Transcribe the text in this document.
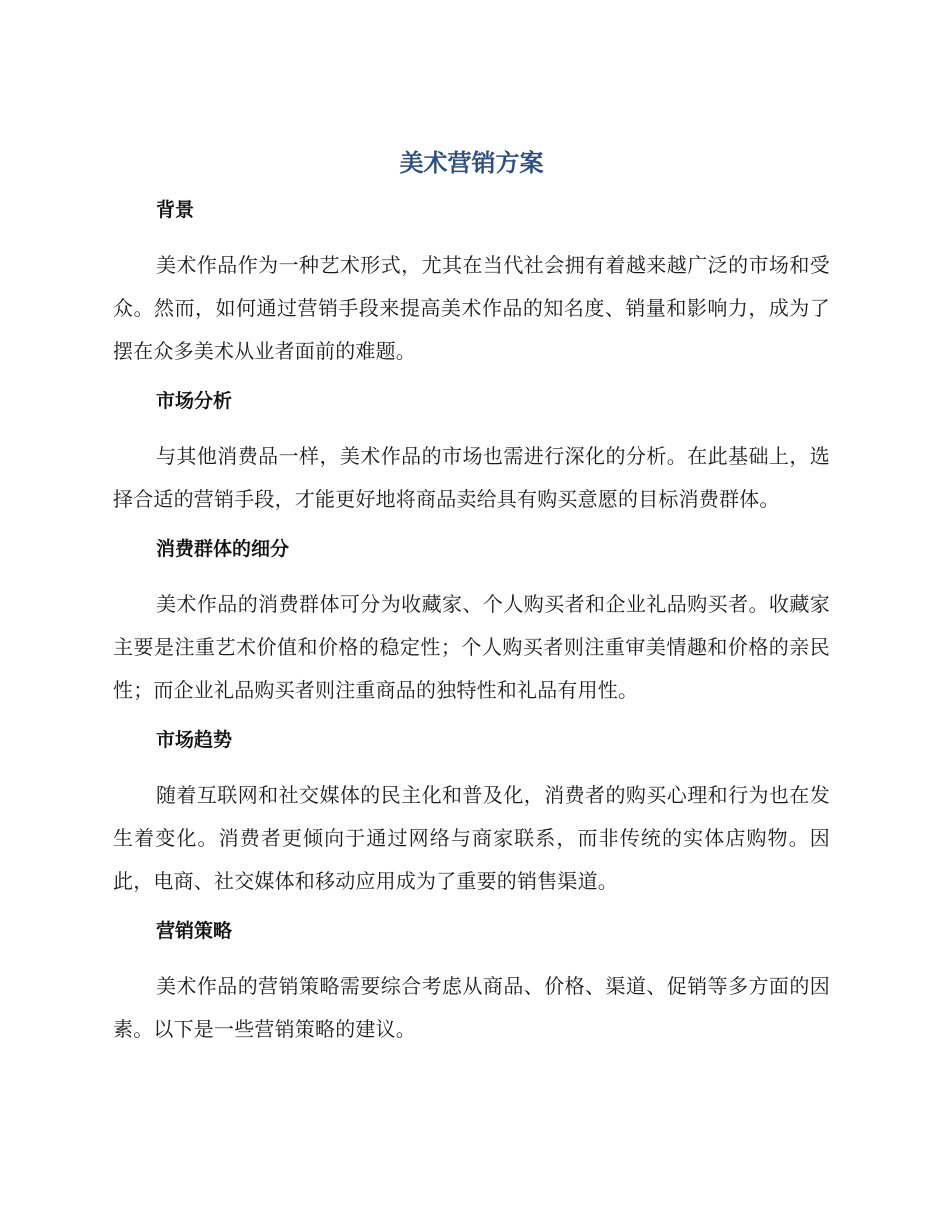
美术营销方案
背景

美术作品作为一种艺术形式，尤其在当代社会拥有着越来越广泛的市场和受众。然而，如何通过营销手段来提高美术作品的知名度、销量和影响力，成为了摆在众多美术从业者面前的难题。

市场分析

与其他消费品一样，美术作品的市场也需进行深化的分析。在此基础上，选择合适的营销手段，才能更好地将商品卖给具有购买意愿的目标消费群体。

消费群体的细分

美术作品的消费群体可分为收藏家、个人购买者和企业礼品购买者。收藏家主要是注重艺术价值和价格的稳定性；个人购买者则注重审美情趣和价格的亲民性；而企业礼品购买者则注重商品的独特性和礼品有用性。

市场趋势

随着互联网和社交媒体的民主化和普及化，消费者的购买心理和行为也在发生着变化。消费者更倾向于通过网络与商家联系，而非传统的实体店购物。因此，电商、社交媒体和移动应用成为了重要的销售渠道。

营销策略

美术作品的营销策略需要综合考虑从商品、价格、渠道、促销等多方面的因素。以下是一些营销策略的建议。
